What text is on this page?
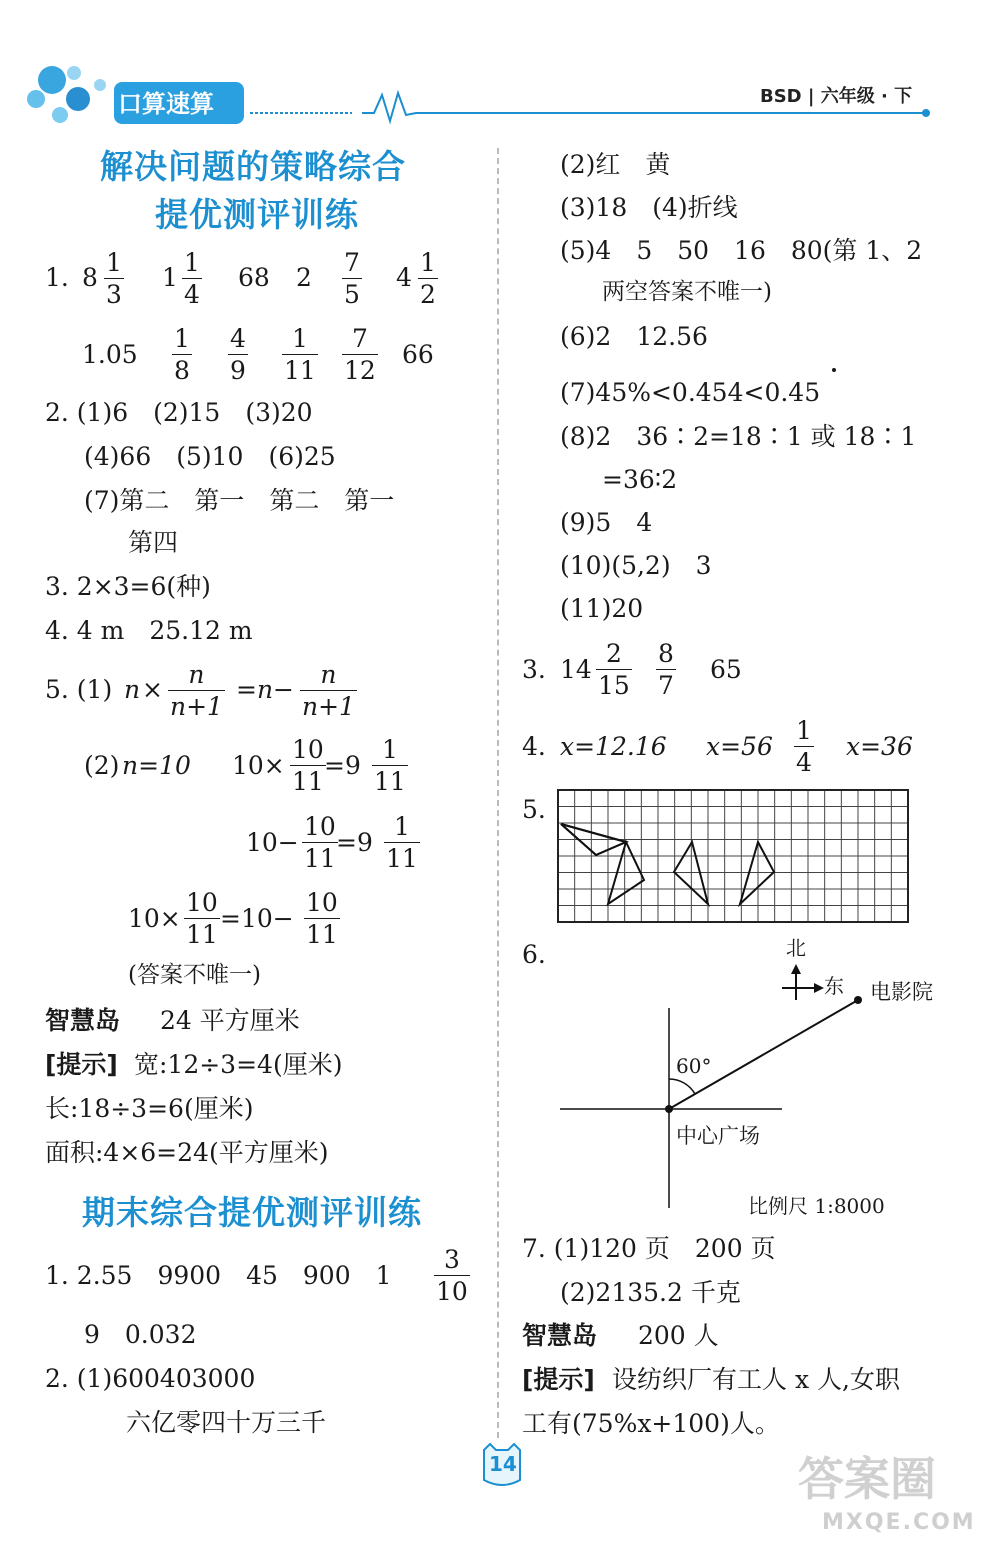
口算速算	BSD | 六年级 · 下
解决问题的策略综合
提优测评训练
1. $8 \frac{1}{3} 1 \frac{1}{4} 68$ $2 \frac{7}{5} 4 \frac{1}{2}$
$1.05 \frac{1}{8} \frac{4}{9} \frac{1}{11} \frac{7}{12} 66$
2. (1)6　(2)15　(3)20
(4)66　(5)10　(6)25
(7)第二　第一　第二　第一
第四
3. 2×3=6(种)
4. 4 m　25.12 m
5. (1) $n \times \frac{n}{n+1} =n- \frac{n}{n+1}$
(2) n=10 $10\times \frac{10}{11}$
$=9 \frac{1}{11}$
$10- \frac{10}{11}$
$=9 \frac{1}{11}$
$10\times \frac{10}{11} =10- \frac{10}{11}$
(答案不唯一)
智慧岛 24 平方厘米
[提示] 宽:12÷3=4(厘米)
长:18÷3=6(厘米)
面积:4×6=24(平方厘米)
期末综合提优测评训练
1. 2.55　9900　45　900　$1 \frac{3}{10}$
9　0.032
2. (1)600403000
六亿零四十万三千
(2)红　黄
(3)18　(4)折线
(5)4　5　50　16　80(第 1、2
两空答案不唯一)
(6)2　12.56
(7)45%<0.454<0.45
(8)2　36∶2=18∶1 或 18∶1
=36∶2
(9)5　4
(10)(5,2)　3
(11)20
3. $14 \frac{2}{15} \frac{8}{7} 65$
4. x=12.16 $x=56 \frac{1}{4} x=36$
5.
6.	北
东 电影院
60°
中心广场
比例尺 1:8000
7. (1)120 页　200 页
(2)2135.2 千克
智慧岛 200 人
[提示] 设纺织厂有工人 x 人,女职
工有(75%x+100)人。
14	答案圈
MXQE.COM
